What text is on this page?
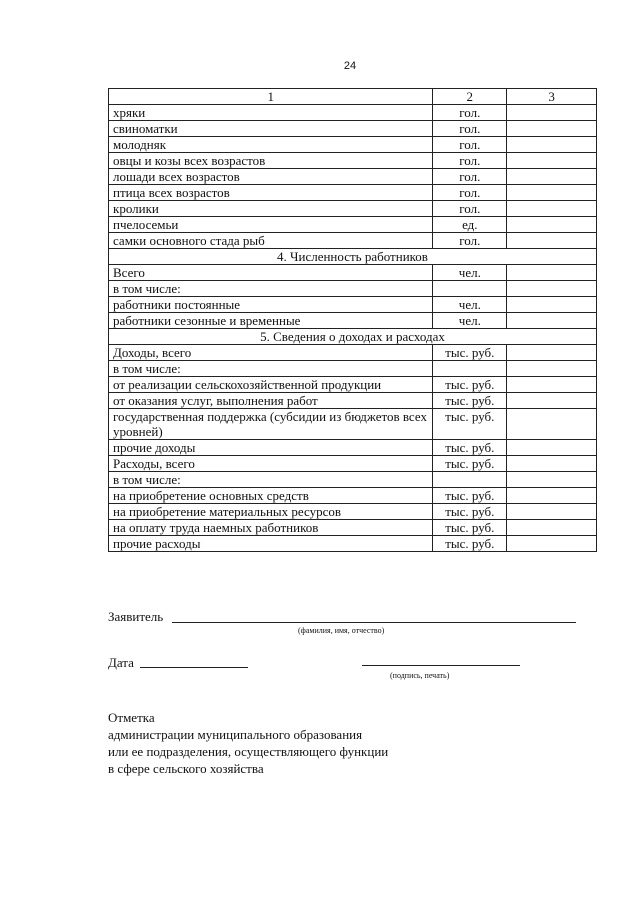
24
1	2	3
хряки	гол.	
свиноматки	гол.	
молодняк	гол.	
овцы и козы всех возрастов	гол.	
лошади всех возрастов	гол.	
птица всех возрастов	гол.	
кролики	гол.	
пчелосемьи	ед.	
самки основного стада рыб	гол.	
4. Численность работников		
Всего	чел.	
в том числе:		
работники постоянные	чел.	
работники сезонные и временные	чел.	
5. Сведения о доходах и расходах		
Доходы, всего	тыс. руб.	
в том числе:		
от реализации сельскохозяйственной продукции	тыс. руб.	
от оказания услуг, выполнения работ	тыс. руб.	
государственная поддержка (субсидии из бюджетов всех уровней)	тыс. руб.	
прочие доходы	тыс. руб.	
Расходы, всего	тыс. руб.	
в том числе:		
на приобретение основных средств	тыс. руб.	
на приобретение материальных ресурсов	тыс. руб.	
на оплату труда наемных работников	тыс. руб.	
прочие расходы	тыс. руб.	
Заявитель
(фамилия, имя, отчество)
Дата
(подпись, печать)
Отметка
администрации муниципального образования
или ее подразделения, осуществляющего функции
в сфере сельского хозяйства
